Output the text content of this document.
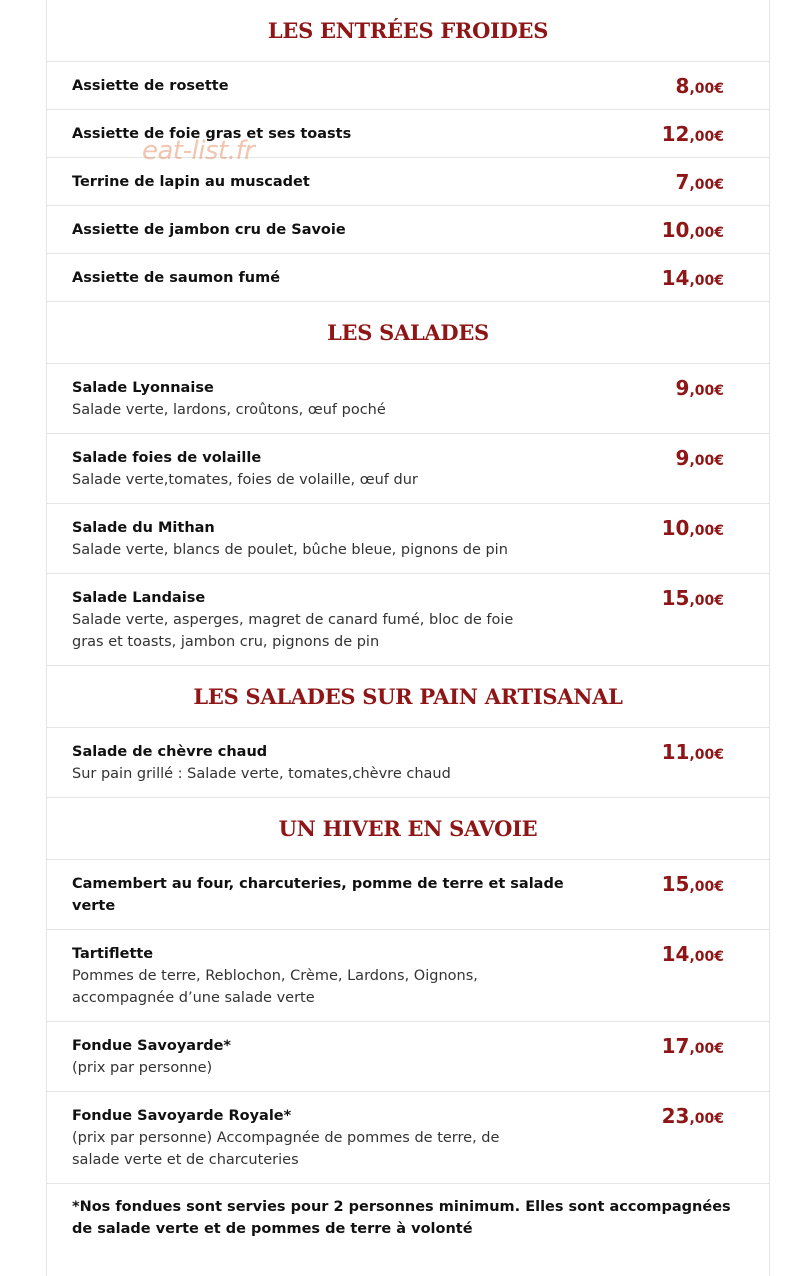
LES ENTRÉES FROIDES
Assiette de rosette	8,00€
Assiette de foie gras et ses toasts	12,00€
Terrine de lapin au muscadet	7,00€
Assiette de jambon cru de Savoie	10,00€
Assiette de saumon fumé	14,00€
LES SALADES
Salade Lyonnaise
Salade verte, lardons, croûtons, œuf poché
9,00€
Salade foies de volaille
Salade verte,tomates, foies de volaille, œuf dur
9,00€
Salade du Mithan
Salade verte, blancs de poulet, bûche bleue, pignons de pin
10,00€
Salade Landaise
Salade verte, asperges, magret de canard fumé, bloc de foie gras et toasts, jambon cru, pignons de pin
15,00€
LES SALADES SUR PAIN ARTISANAL
Salade de chèvre chaud
Sur pain grillé : Salade verte, tomates,chèvre chaud
11,00€
UN HIVER EN SAVOIE
Camembert au four, charcuteries, pomme de terre et salade verte
15,00€
Tartiflette
Pommes de terre, Reblochon, Crème, Lardons, Oignons, accompagnée d’une salade verte
14,00€
Fondue Savoyarde*
(prix par personne)
17,00€
Fondue Savoyarde Royale*
(prix par personne) Accompagnée de pommes de terre, de salade verte et de charcuteries
23,00€
*Nos fondues sont servies pour 2 personnes minimum. Elles sont accompagnées de salade verte et de pommes de terre à volonté
eat-list.fr
